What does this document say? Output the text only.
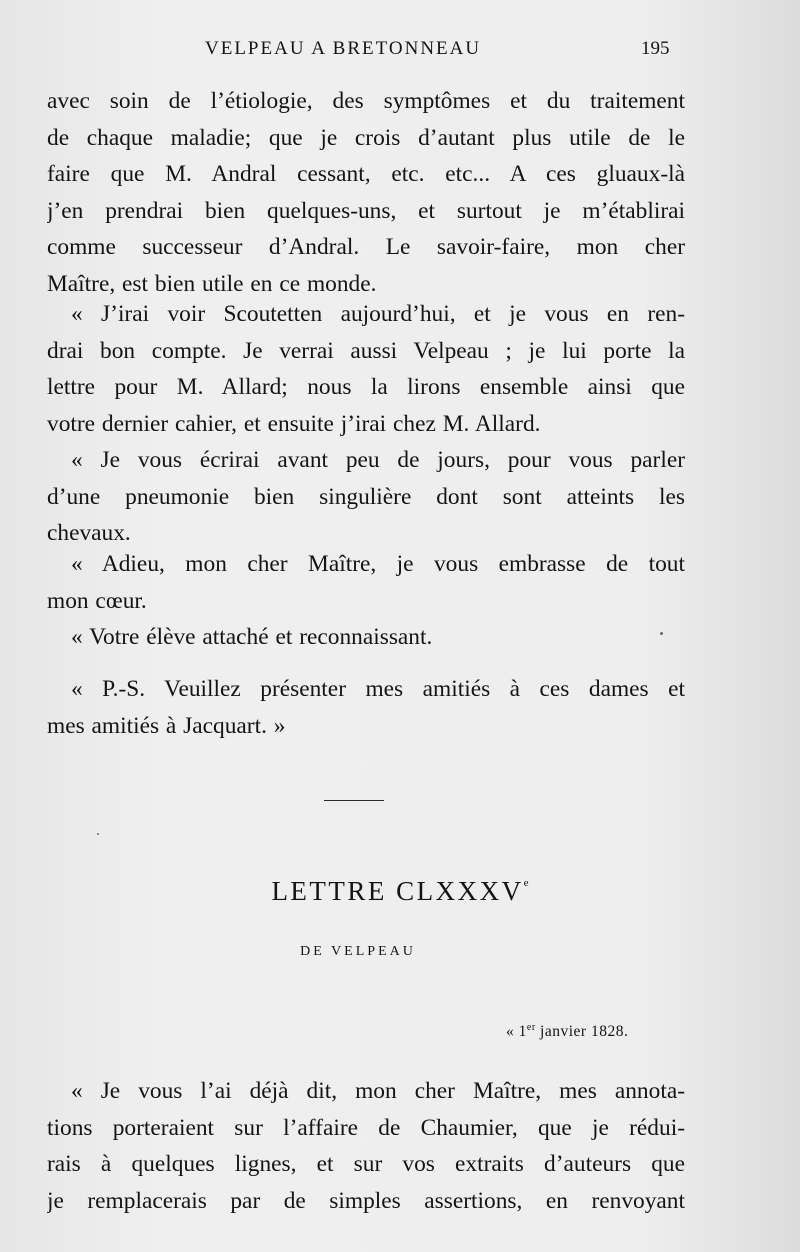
VELPEAU A BRETONNEAU	195
avec soin de l’étiologie, des symptômes et du traitement
de chaque maladie; que je crois d’autant plus utile de le
faire que M. Andral cessant, etc. etc... A ces gluaux-là
j’en prendrai bien quelques-uns, et surtout je m’établirai
comme successeur d’Andral. Le savoir-faire, mon cher
Maître, est bien utile en ce monde.
« J’irai voir Scoutetten aujourd’hui, et je vous en ren-
drai bon compte. Je verrai aussi Velpeau ; je lui porte la
lettre pour M. Allard; nous la lirons ensemble ainsi que
votre dernier cahier, et ensuite j’irai chez M. Allard.
« Je vous écrirai avant peu de jours, pour vous parler
d’une pneumonie bien singulière dont sont atteints les
chevaux.
« Adieu, mon cher Maître, je vous embrasse de tout
mon cœur.
« Votre élève attaché et reconnaissant.
« P.-S. Veuillez présenter mes amitiés à ces dames et
mes amitiés à Jacquart. »
LETTRE CLXXXVe
DE VELPEAU
« 1er janvier 1828.
« Je vous l’ai déjà dit, mon cher Maître, mes annota-
tions porteraient sur l’affaire de Chaumier, que je rédui-
rais à quelques lignes, et sur vos extraits d’auteurs que
je remplacerais par de simples assertions, en renvoyant
